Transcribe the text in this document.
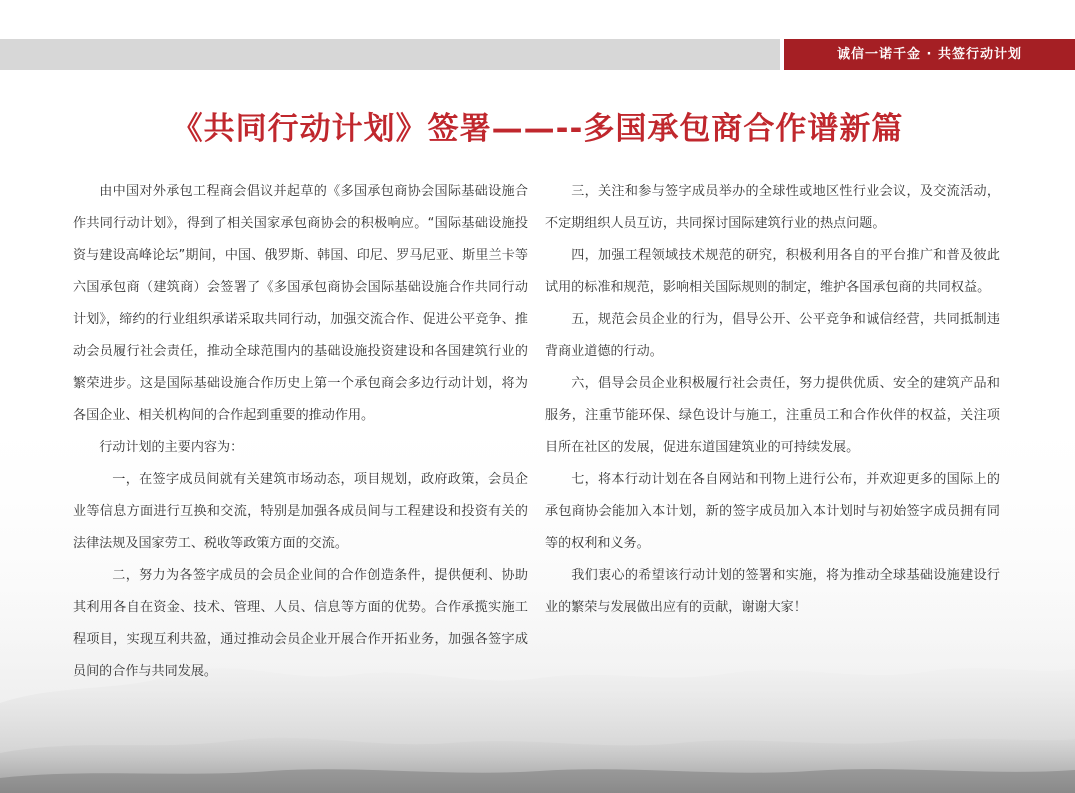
诚信一诺千金 · 共签行动计划
《共同行动计划》签署——--多国承包商合作谱新篇

由中国对外承包工程商会倡议并起草的《多国承包商协会国际基础设施合作共同行动计划》，得到了相关国家承包商协会的积极响应。“国际基础设施投资与建设高峰论坛”期间，中国、俄罗斯、韩国、印尼、罗马尼亚、斯里兰卡等六国承包商（建筑商）会签署了《多国承包商协会国际基础设施合作共同行动计划》，缔约的行业组织承诺采取共同行动，加强交流合作、促进公平竞争、推动会员履行社会责任，推动全球范围内的基础设施投资建设和各国建筑行业的繁荣进步。这是国际基础设施合作历史上第一个承包商会多边行动计划，将为各国企业、相关机构间的合作起到重要的推动作用。

行动计划的主要内容为：

一，在签字成员间就有关建筑市场动态，项目规划，政府政策，会员企业等信息方面进行互换和交流，特别是加强各成员间与工程建设和投资有关的法律法规及国家劳工、税收等政策方面的交流。

二，努力为各签字成员的会员企业间的合作创造条件，提供便利、协助其利用各自在资金、技术、管理、人员、信息等方面的优势。合作承揽实施工程项目，实现互利共盈，通过推动会员企业开展合作开拓业务，加强各签字成员间的合作与共同发展。

三，关注和参与签字成员举办的全球性或地区性行业会议，及交流活动，不定期组织人员互访，共同探讨国际建筑行业的热点问题。

四，加强工程领域技术规范的研究，积极利用各自的平台推广和普及彼此试用的标准和规范，影响相关国际规则的制定，维护各国承包商的共同权益。

五，规范会员企业的行为，倡导公开、公平竞争和诚信经营，共同抵制违背商业道德的行动。

六，倡导会员企业积极履行社会责任，努力提供优质、安全的建筑产品和服务，注重节能环保、绿色设计与施工，注重员工和合作伙伴的权益，关注项目所在社区的发展，促进东道国建筑业的可持续发展。

七，将本行动计划在各自网站和刊物上进行公布，并欢迎更多的国际上的承包商协会能加入本计划，新的签字成员加入本计划时与初始签字成员拥有同等的权利和义务。

我们衷心的希望该行动计划的签署和实施，将为推动全球基础设施建设行业的繁荣与发展做出应有的贡献，谢谢大家！
